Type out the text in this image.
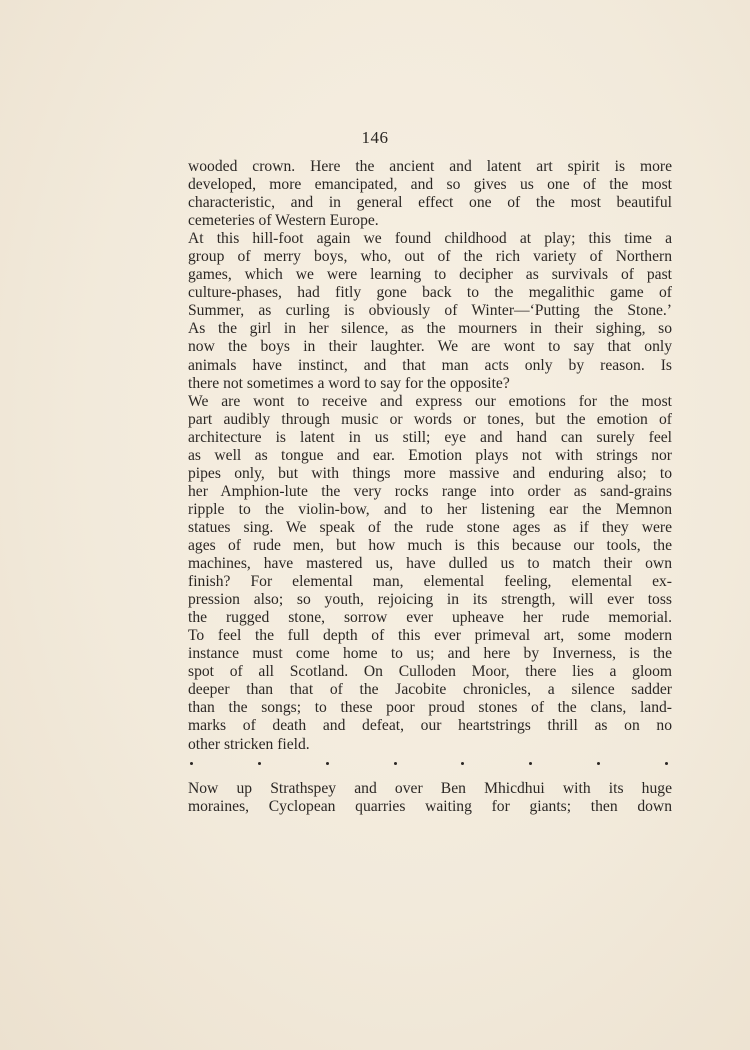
146
wooded crown. Here the ancient and latent art spirit is more
developed, more emancipated, and so gives us one of the most
characteristic, and in general effect one of the most beautiful
cemeteries of Western Europe.
At this hill-foot again we found childhood at play; this time a
group of merry boys, who, out of the rich variety of Northern
games, which we were learning to decipher as survivals of past
culture-phases, had fitly gone back to the megalithic game of
Summer, as curling is obviously of Winter—‘Putting the Stone.’
As the girl in her silence, as the mourners in their sighing, so
now the boys in their laughter. We are wont to say that only
animals have instinct, and that man acts only by reason. Is
there not sometimes a word to say for the opposite?
We are wont to receive and express our emotions for the most
part audibly through music or words or tones, but the emotion of
architecture is latent in us still; eye and hand can surely feel
as well as tongue and ear. Emotion plays not with strings nor
pipes only, but with things more massive and enduring also; to
her Amphion-lute the very rocks range into order as sand-grains
ripple to the violin-bow, and to her listening ear the Memnon
statues sing. We speak of the rude stone ages as if they were
ages of rude men, but how much is this because our tools, the
machines, have mastered us, have dulled us to match their own
finish? For elemental man, elemental feeling, elemental ex-
pression also; so youth, rejoicing in its strength, will ever toss
the rugged stone, sorrow ever upheave her rude memorial.
To feel the full depth of this ever primeval art, some modern
instance must come home to us; and here by Inverness, is the
spot of all Scotland. On Culloden Moor, there lies a gloom
deeper than that of the Jacobite chronicles, a silence sadder
than the songs; to these poor proud stones of the clans, land-
marks of death and defeat, our heartstrings thrill as on no
other stricken field.
Now up Strathspey and over Ben Mhicdhui with its huge
moraines, Cyclopean quarries waiting for giants; then down
